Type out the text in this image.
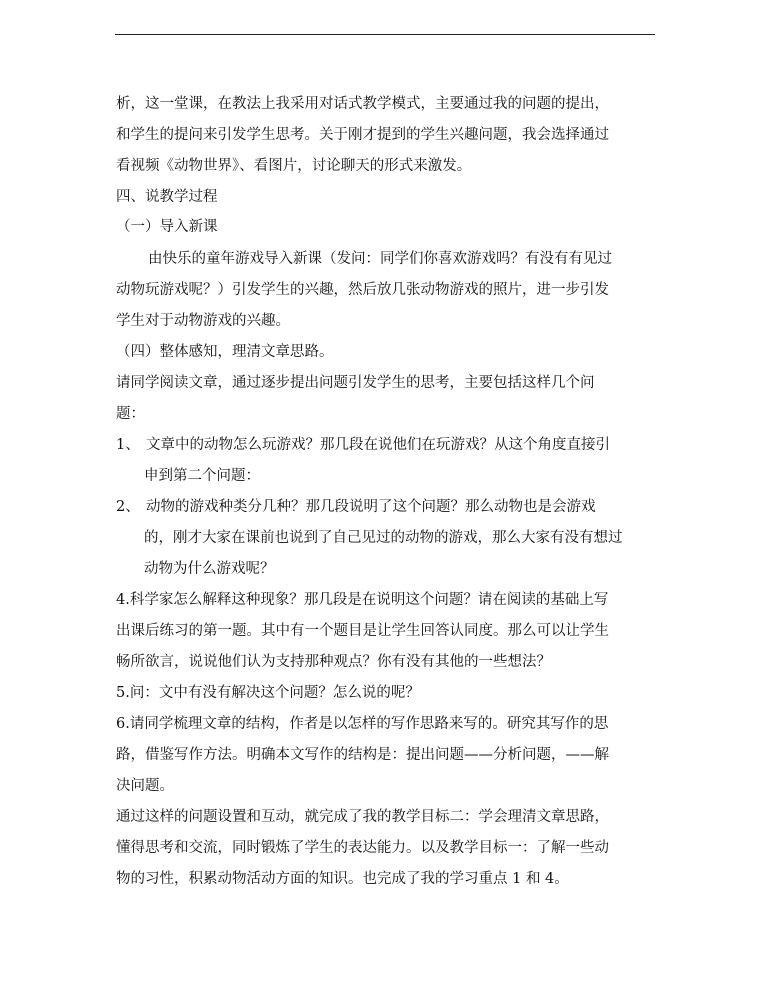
析，这一堂课，在教法上我采用对话式教学模式，主要通过我的问题的提出，
和学生的提问来引发学生思考。关于刚才提到的学生兴趣问题，我会选择通过
看视频《动物世界》、看图片，讨论聊天的形式来激发。
四、说教学过程
（一）导入新课
由快乐的童年游戏导入新课（发问：同学们你喜欢游戏吗？有没有有见过
动物玩游戏呢？）引发学生的兴趣，然后放几张动物游戏的照片，进一步引发
学生对于动物游戏的兴趣。
（四）整体感知，理清文章思路。
请同学阅读文章，通过逐步提出问题引发学生的思考，主要包括这样几个问
题：
1、 文章中的动物怎么玩游戏？那几段在说他们在玩游戏？从这个角度直接引
申到第二个问题：
2、 动物的游戏种类分几种？那几段说明了这个问题？那么动物也是会游戏
的，刚才大家在课前也说到了自己见过的动物的游戏，那么大家有没有想过
动物为什么游戏呢？
4.科学家怎么解释这种现象？那几段是在说明这个问题？请在阅读的基础上写
出课后练习的第一题。其中有一个题目是让学生回答认同度。那么可以让学生
畅所欲言，说说他们认为支持那种观点？你有没有其他的一些想法？
5.问：文中有没有解决这个问题？怎么说的呢？
6.请同学梳理文章的结构，作者是以怎样的写作思路来写的。研究其写作的思
路，借鉴写作方法。明确本文写作的结构是：提出问题——分析问题，——解
决问题。
通过这样的问题设置和互动，就完成了我的教学目标二：学会理清文章思路，
懂得思考和交流，同时锻炼了学生的表达能力。以及教学目标一：了解一些动
物的习性，积累动物活动方面的知识。也完成了我的学习重点 1 和 4。
